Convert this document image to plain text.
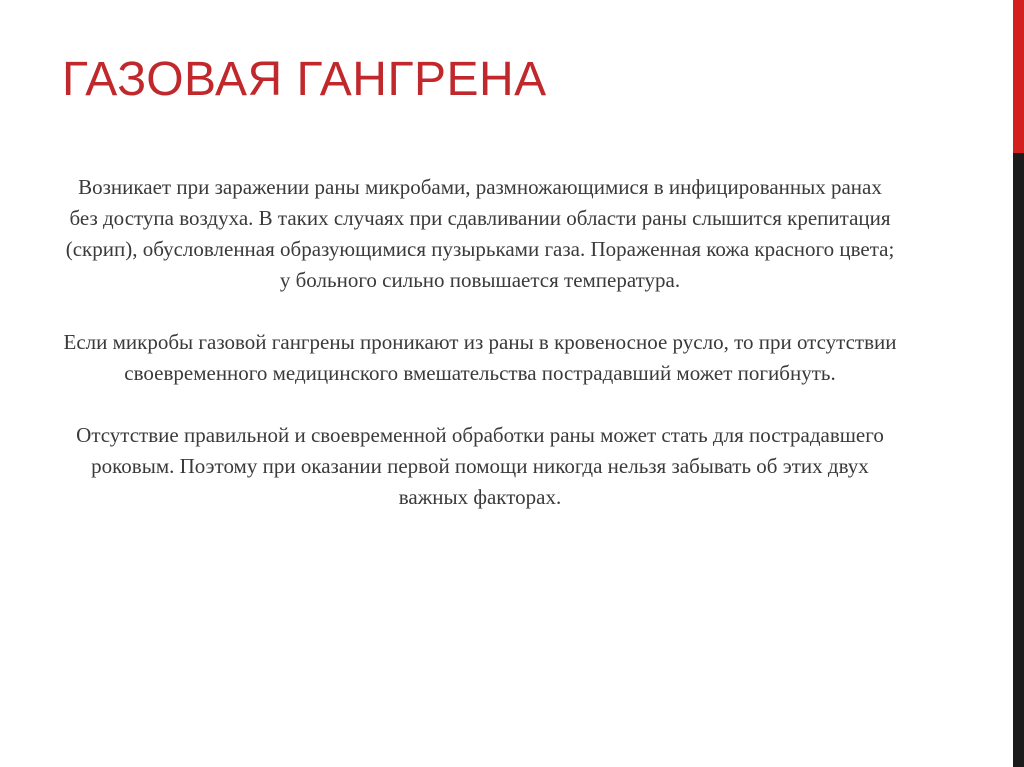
ГАЗОВАЯ ГАНГРЕНА

Возникает при заражении раны микробами, размножающимися в инфицированных ранах без доступа воздуха. В таких случаях при сдавливании области раны слышится крепитация (скрип), обусловленная образующимися пузырьками газа. Пораженная кожа красного цвета; у больного сильно повышается температура.

Если микробы газовой гангрены проникают из раны в кровеносное русло, то при отсутствии своевременного медицинского вмешательства пострадавший может погибнуть.

Отсутствие правильной и своевременной обработки раны может стать для пострадавшего роковым. Поэтому при оказании первой помощи никогда нельзя забывать об этих двух важных факторах.
